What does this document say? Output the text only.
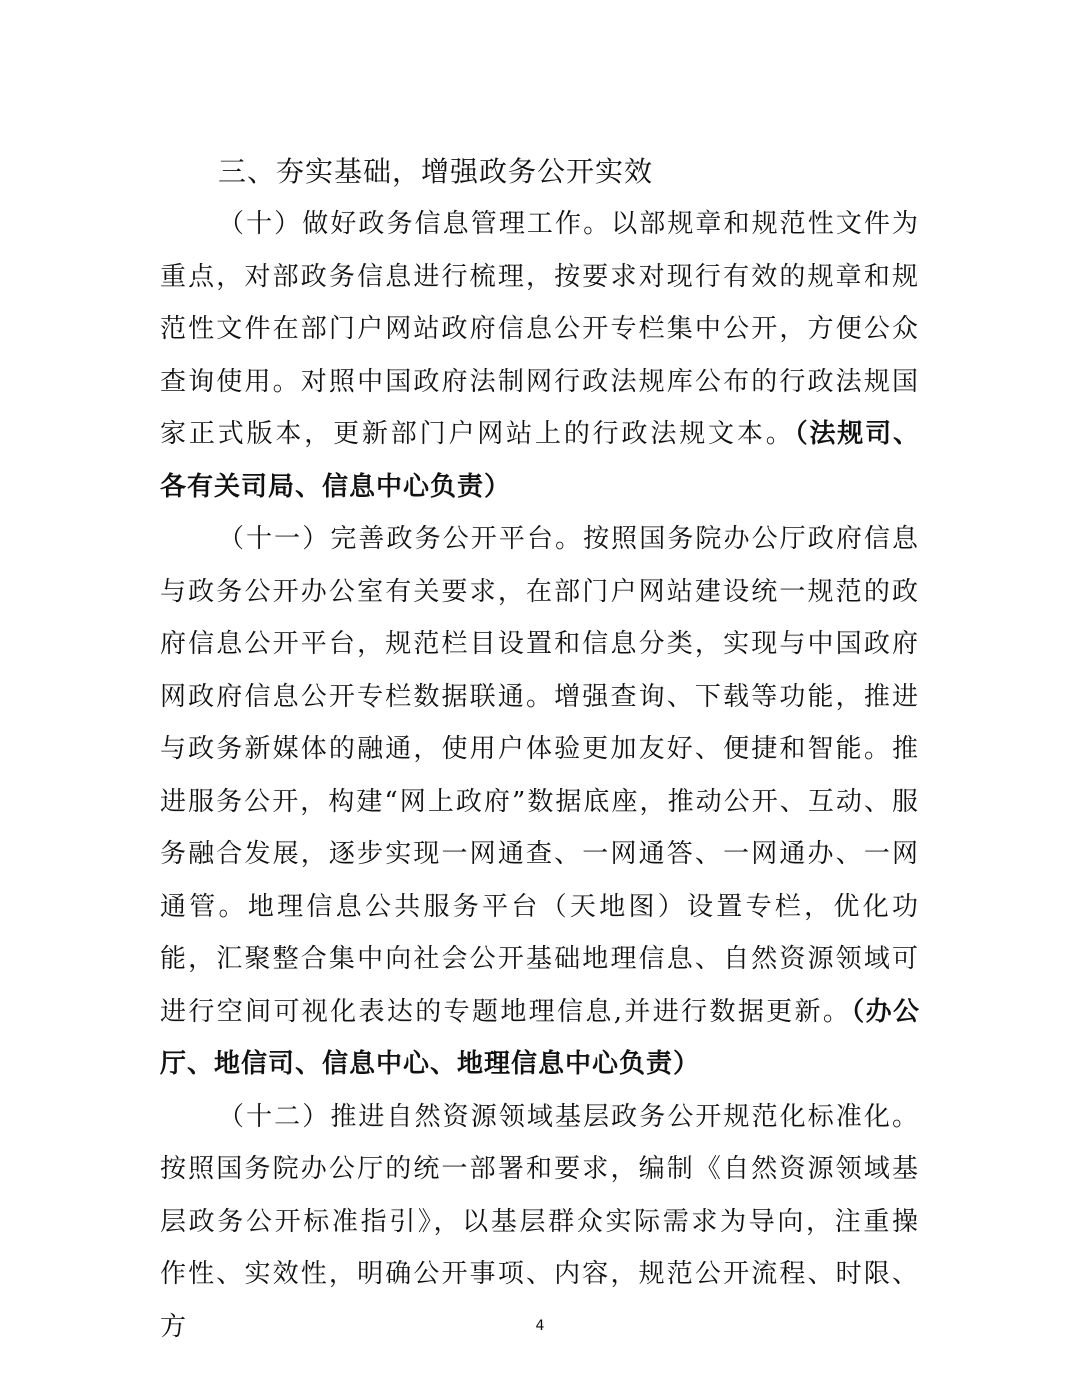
三、夯实基础，增强政务公开实效

（十）做好政务信息管理工作。以部规章和规范性文件为重点，对部政务信息进行梳理，按要求对现行有效的规章和规范性文件在部门户网站政府信息公开专栏集中公开，方便公众查询使用。对照中国政府法制网行政法规库公布的行政法规国家正式版本，更新部门户网站上的行政法规文本。（法规司、各有关司局、信息中心负责）

（十一）完善政务公开平台。按照国务院办公厅政府信息与政务公开办公室有关要求，在部门户网站建设统一规范的政府信息公开平台，规范栏目设置和信息分类，实现与中国政府网政府信息公开专栏数据联通。增强查询、下载等功能，推进与政务新媒体的融通，使用户体验更加友好、便捷和智能。推进服务公开，构建“网上政府”数据底座，推动公开、互动、服务融合发展，逐步实现一网通查、一网通答、一网通办、一网通管。地理信息公共服务平台（天地图）设置专栏，优化功能，汇聚整合集中向社会公开基础地理信息、自然资源领域可进行空间可视化表达的专题地理信息,并进行数据更新。（办公厅、地信司、信息中心、地理信息中心负责）

（十二）推进自然资源领域基层政务公开规范化标准化。按照国务院办公厅的统一部署和要求，编制《自然资源领域基层政务公开标准指引》，以基层群众实际需求为导向，注重操作性、实效性，明确公开事项、内容，规范公开流程、时限、方	4
